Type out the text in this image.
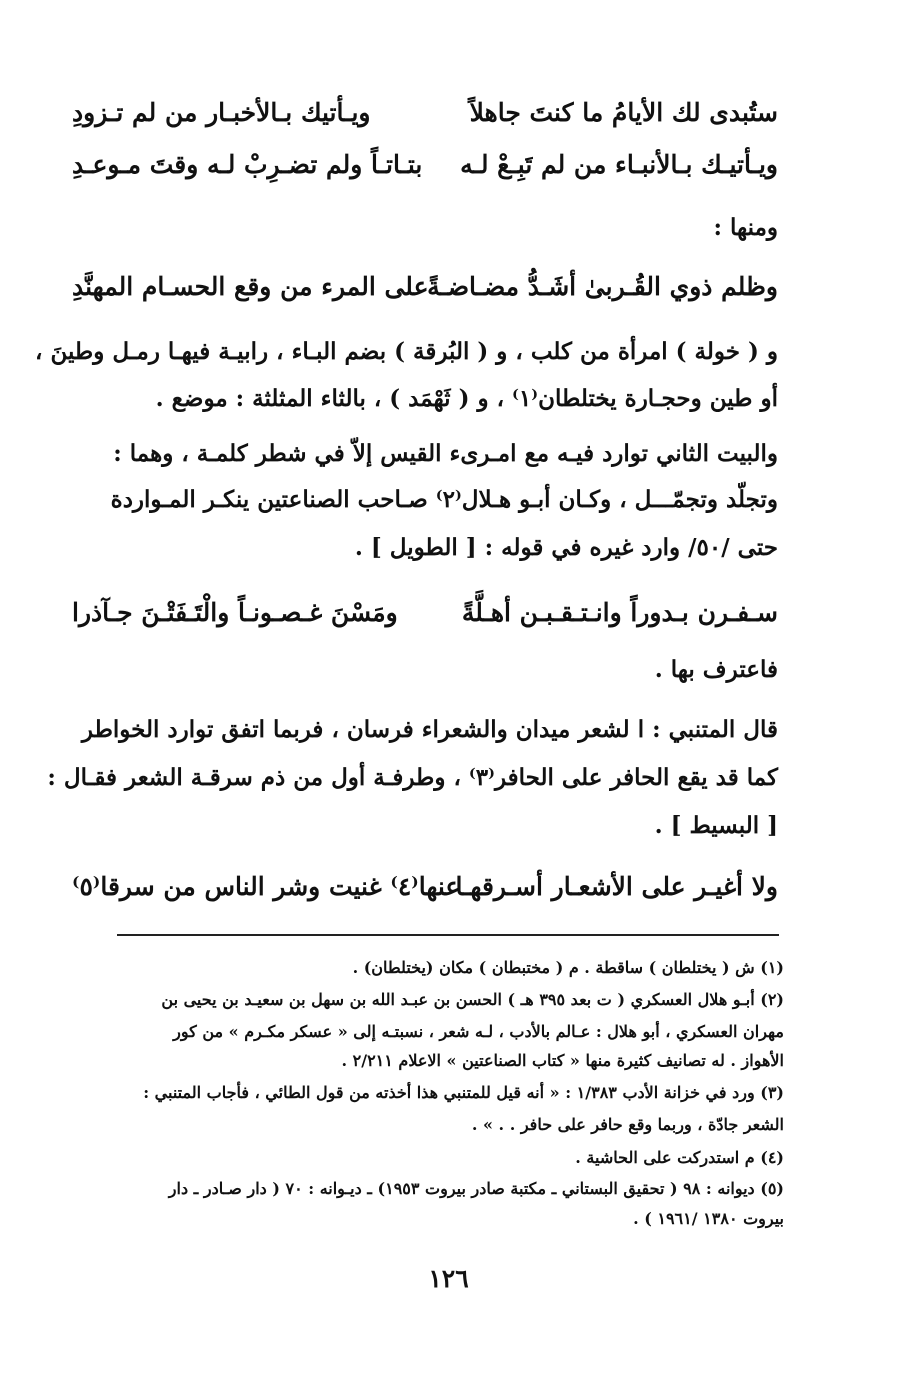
ستُبدى لك الأيامُ ما كنتَ جاهلاً
ويـأتيك بـالأخبـار من لم تـزودِ
ويـأتيـك بـالأنبـاء من لم تَبِـعْ لـه
بتـاتـاً ولم تضـرِبْ لـه وقتَ مـوعـدِ
ومنها :
وظلم ذوي القُـربىٰ أشَـدُّ مضـاضـةً
على المرء من وقع الحسـام المهنَّدِ
و ( خولة ) امرأة من كلب ، و ( البُرقة ) بضم البـاء ، رابيـة فيهـا رمـل وطينَ ،
أو طين وحجـارة يختلطان⁽١⁾ ، و ( ثَهْمَد ) ، بالثاء المثلثة : موضع .
والبيت الثاني توارد فيـه مع امـرىء القيس إلاّ في شطر كلمـة ، وهما :
وتجلّد وتجمّـــل ، وكـان أبـو هـلال⁽٢⁾ صـاحب الصناعتين ينكـر المـواردة
حتى /٥٠/ وارد غيره في قوله : [ الطويل ] .
سـفـرن بـدوراً وانـتـقـبـن أهـلَّةً
ومَسْنَ غـصـونـاً والْتَـفَتْـنَ جـآذرا
فاعترف بها .
قال المتنبي : ا لشعر ميدان والشعراء فرسان ، فربما اتفق توارد الخواطر
كما قد يقع الحافر على الحافر⁽٣⁾ ، وطرفـة أول من ذم سرقـة الشعر فقـال :
[ البسيط ] .
ولا أغيـر على الأشعـار أسـرقهـا
عنها⁽٤⁾ غنيت وشر الناس من سرقا⁽٥⁾
(١) ش ( يختلطان ) ساقطة . م ( مختبطان ) مكان (يختلطان) .
(٢) أبـو هلال العسكري ( ت بعد ٣٩٥ هـ ) الحسن بن عبـد الله بن سهل بن سعيـد بن يحيى بن
مهران العسكري ، أبو هلال : عـالم بالأدب ، لـه شعر ، نسبتـه إلى « عسكر مكـرم » من كور
الأهواز . له تصانيف كثيرة منها « كتاب الصناعتين » الاعلام ٢/٢١١ .
(٣) ورد في خزانة الأدب ١/٣٨٣ : « أنه قيل للمتنبي هذا أخذته من قول الطائي ، فأجاب المتنبي :
الشعر جادّة ، وربما وقع حافر على حافر . . » .
(٤) م استدركت على الحاشية .
(٥) ديوانه : ٩٨ ( تحقيق البستاني ـ مكتبة صادر بيروت ١٩٥٣) ـ ديـوانه : ٧٠ ( دار صـادر ـ دار
بيروت ١٣٨٠ /١٩٦١ ) .
١٢٦
